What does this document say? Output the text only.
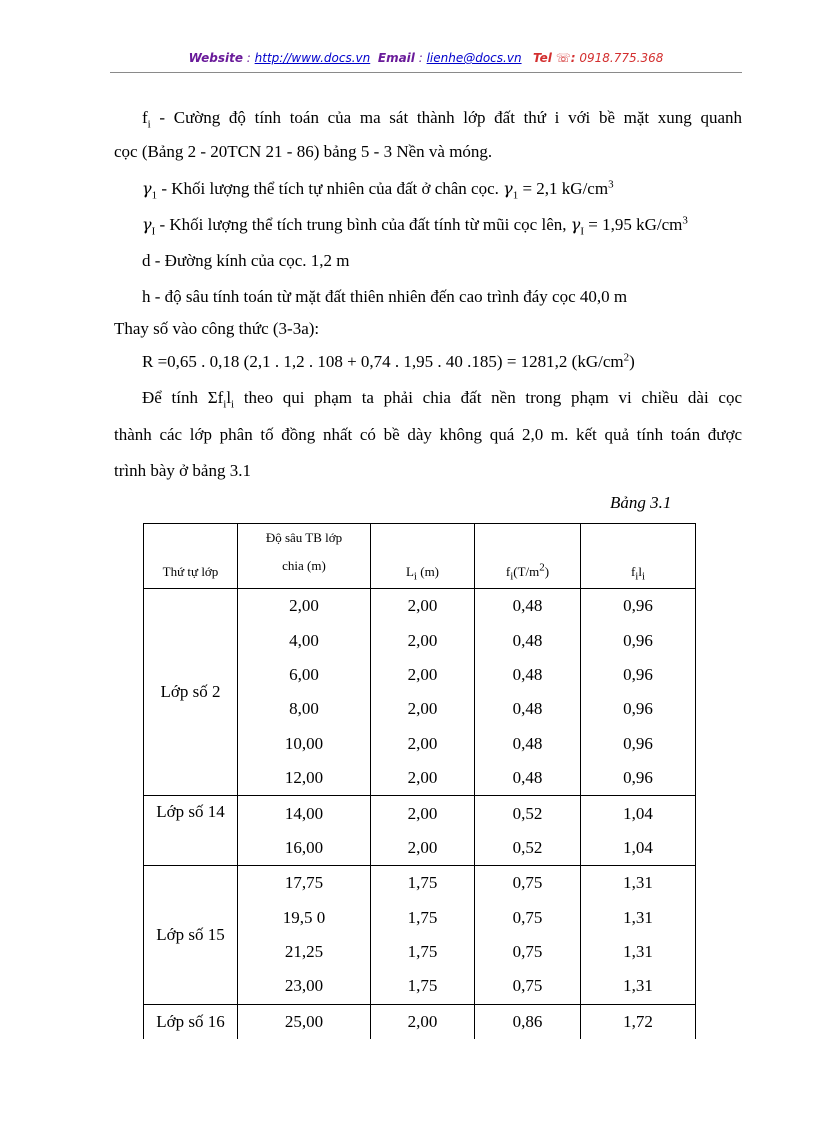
Website : http://www.docs.vn Email : lienhe@docs.vn Tel ☏: 0918.775.368
$f_i$ - Cường độ tính toán của ma sát thành lớp đất thứ i với bề mặt xung quanh
cọc (Bảng 2 - 20TCN 21 - 86) bảng 5 - 3 Nền và móng.
$\gamma_1$ - Khối lượng thể tích tự nhiên của đất ở chân cọc. $\gamma_1 = 2,1$ $kG/cm^3$
$\gamma_I$ - Khối lượng thể tích trung bình của đất tính từ mũi cọc lên, $\gamma_I = 1,95$ $kG/cm^3$
d - Đường kính của cọc. 1,2 m
h - độ sâu tính toán từ mặt đất thiên nhiên đến cao trình đáy cọc 40,0 m
Thay số vào công thức (3-3a):
R =0,65 . 0,18 (2,1 . 1,2 . 108 + 0,74 . 1,95 . 40 .185) = 1281,2 $(kG/cm^2)$
Để tính $\Sigma f_il_i$ theo qui phạm ta phải chia đất nền trong phạm vi chiều dài cọc
thành các lớp phân tố đồng nhất có bề dày không quá 2,0 m. kết quả tính toán được
trình bày ở bảng 3.1
Bảng 3.1
Thứ tự lớp	Độ sâu TB lớp
chia (m)	$L_i$ (m)	$f_i(T/m^2)$	$f_il_i$
Lớp số 2	2,00	2,00	0,48	0,96
	4,00	2,00	0,48	0,96
	6,00	2,00	0,48	0,96
	8,00	2,00	0,48	0,96
	10,00	2,00	0,48	0,96
	12,00	2,00	0,48	0,96
Lớp số 14	14,00	2,00	0,52	1,04
	16,00	2,00	0,52	1,04
Lớp số 15	17,75	1,75	0,75	1,31
	19,5 0	1,75	0,75	1,31
	21,25	1,75	0,75	1,31
	23,00	1,75	0,75	1,31
Lớp số 16	25,00	2,00	0,86	1,72
